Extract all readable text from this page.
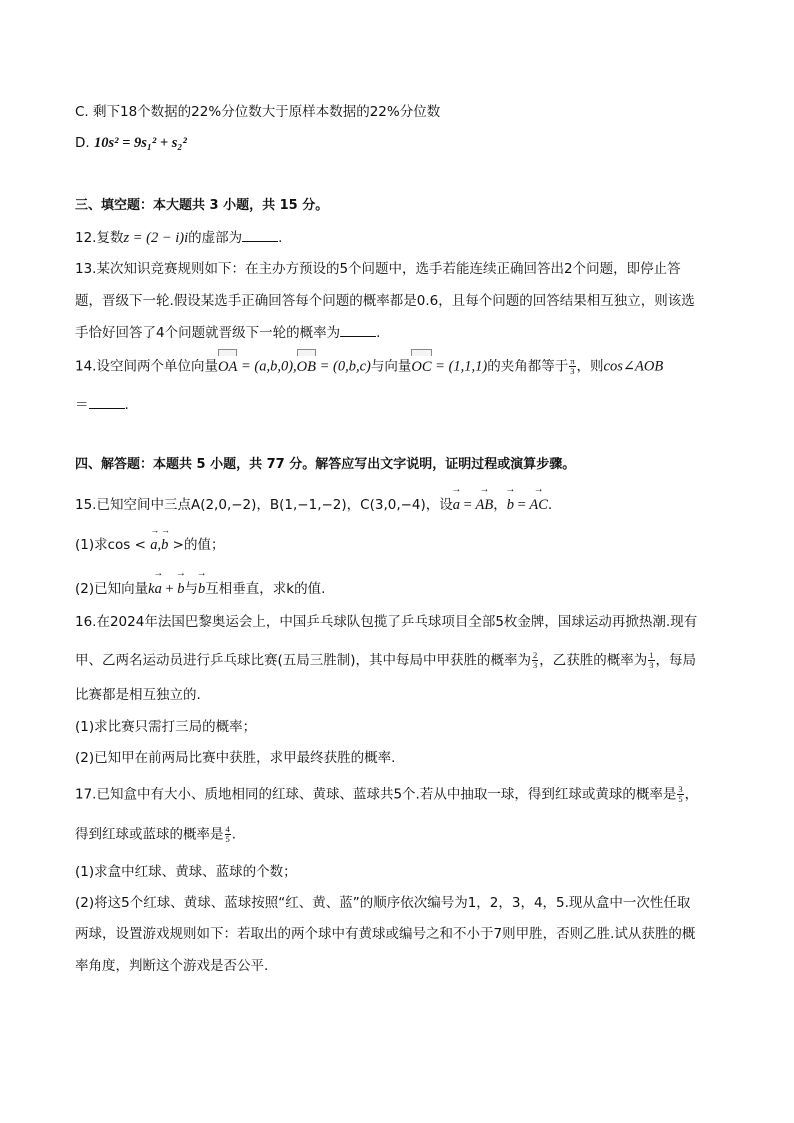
C. 剩下18个数据的22%分位数大于原样本数据的22%分位数
D. 10s² = 9s₁² + s₂²
三、填空题：本大题共 3 小题，共 15 分。
12.复数z = (2 − i)i的虚部为	.
13.某次知识竞赛规则如下：在主办方预设的5个问题中，选手若能连续正确回答出2个问题，即停止答
题，晋级下一轮.假设某选手正确回答每个问题的概率都是0.6，且每个问题的回答结果相互独立，则该选
手恰好回答了4个问题就晋级下一轮的概率为	.
14.设空间两个单位向量OA = (a,b,0),OB = (0,b,c)与向量OC = (1,1,1)的夹角都等于 $\frac{\pi}{3}$ ，则cos∠AOB
＝	.
四、解答题：本题共 5 小题，共 77 分。解答应写出文字说明，证明过程或演算步骤。
15.已知空间中三点A(2,0,−2)，B(1,−1,−2)，C(3,0,−4)，设→ a = → AB，→ b = → AC.
(1)求cos < → → a,b >的值；
(2)已知向量k→ a + → b与→ b互相垂直，求k的值.
16.在2024年法国巴黎奥运会上，中国乒乓球队包揽了乒乓球项目全部5枚金牌，国球运动再掀热潮.现有
甲、乙两名运动员进行乒乓球比赛(五局三胜制)，其中每局中甲获胜的概率为 $\frac{2}{3}$ ，乙获胜的概率为 $\frac{1}{3}$ ，每局
比赛都是相互独立的.
(1)求比赛只需打三局的概率；
(2)已知甲在前两局比赛中获胜，求甲最终获胜的概率.
17.已知盒中有大小、质地相同的红球、黄球、蓝球共5个.若从中抽取一球，得到红球或黄球的概率是 $\frac{3}{5}$ ，
得到红球或蓝球的概率是 $\frac{4}{5}$ .
(1)求盒中红球、黄球、蓝球的个数；
(2)将这5个红球、黄球、蓝球按照“红、黄、蓝”的顺序依次编号为1，2，3，4，5.现从盒中一次性任取
两球，设置游戏规则如下：若取出的两个球中有黄球或编号之和不小于7则甲胜，否则乙胜.试从获胜的概
率角度，判断这个游戏是否公平.
